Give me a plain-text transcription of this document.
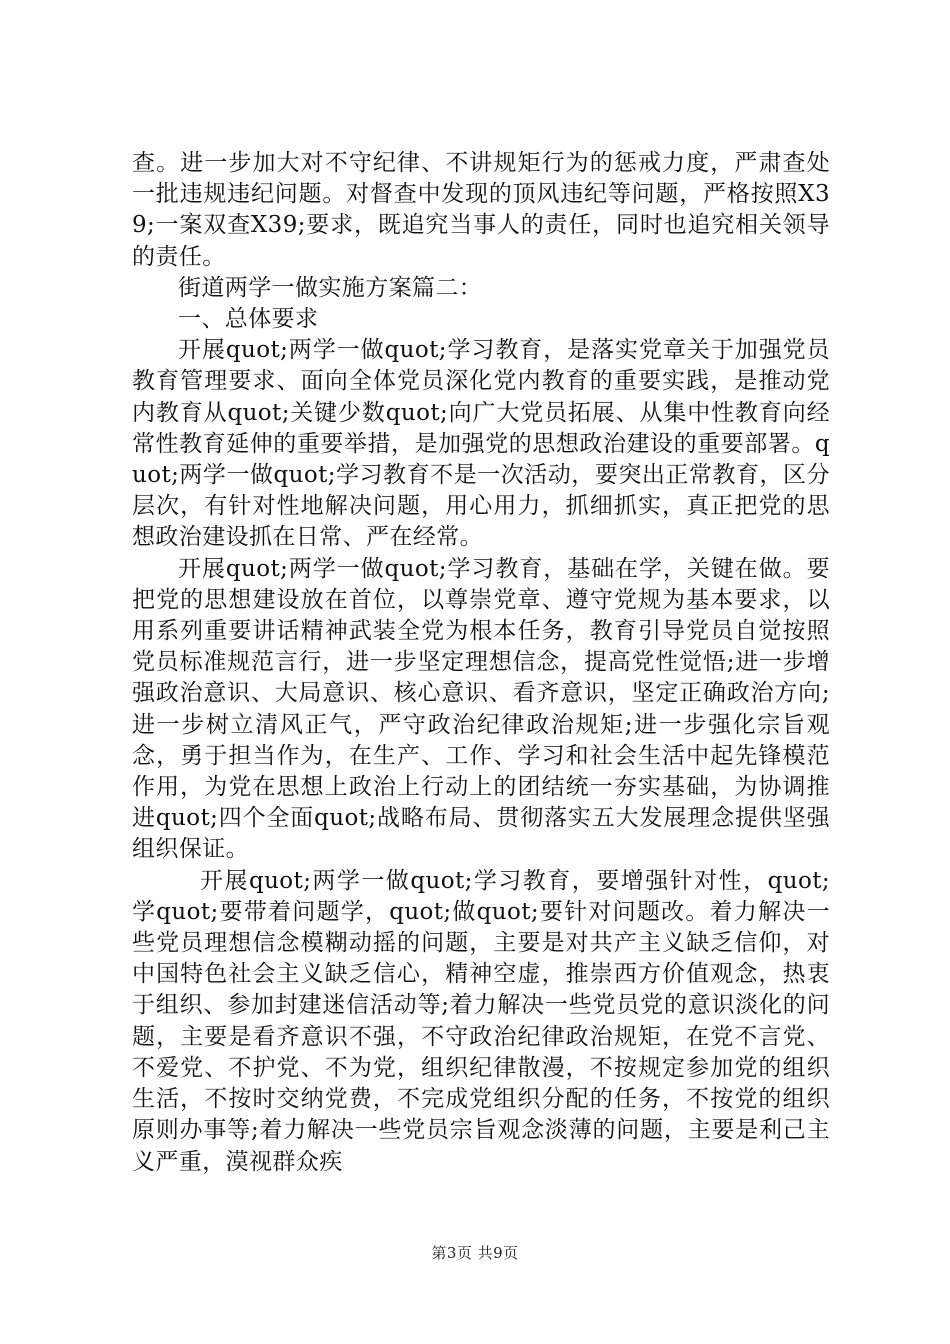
查。进一步加大对不守纪律、不讲规矩行为的惩戒力度，严肃查处一批违规违纪问题。对督查中发现的顶风违纪等问题，严格按照X39;一案双查X39;要求，既追究当事人的责任，同时也追究相关领导的责任。

街道两学一做实施方案篇二：

一、总体要求

开展quot;两学一做quot;学习教育，是落实党章关于加强党员教育管理要求、面向全体党员深化党内教育的重要实践，是推动党内教育从quot;关键少数quot;向广大党员拓展、从集中性教育向经常性教育延伸的重要举措，是加强党的思想政治建设的重要部署。quot;两学一做quot;学习教育不是一次活动，要突出正常教育，区分层次，有针对性地解决问题，用心用力，抓细抓实，真正把党的思想政治建设抓在日常、严在经常。

开展quot;两学一做quot;学习教育，基础在学，关键在做。要把党的思想建设放在首位，以尊崇党章、遵守党规为基本要求，以用系列重要讲话精神武装全党为根本任务，教育引导党员自觉按照党员标准规范言行，进一步坚定理想信念，提高党性觉悟;进一步增强政治意识、大局意识、核心意识、看齐意识，坚定正确政治方向;进一步树立清风正气，严守政治纪律政治规矩;进一步强化宗旨观念，勇于担当作为，在生产、工作、学习和社会生活中起先锋模范作用，为党在思想上政治上行动上的团结统一夯实基础，为协调推进quot;四个全面quot;战略布局、贯彻落实五大发展理念提供坚强组织保证。

开展quot;两学一做quot;学习教育，要增强针对性，quot;学quot;要带着问题学，quot;做quot;要针对问题改。着力解决一些党员理想信念模糊动摇的问题，主要是对共产主义缺乏信仰，对中国特色社会主义缺乏信心，精神空虚，推崇西方价值观念，热衷于组织、参加封建迷信活动等;着力解决一些党员党的意识淡化的问题，主要是看齐意识不强，不守政治纪律政治规矩，在党不言党、不爱党、不护党、不为党，组织纪律散漫，不按规定参加党的组织生活，不按时交纳党费，不完成党组织分配的任务，不按党的组织原则办事等;着力解决一些党员宗旨观念淡薄的问题，主要是利己主义严重，漠视群众疾

第3页 共9页
